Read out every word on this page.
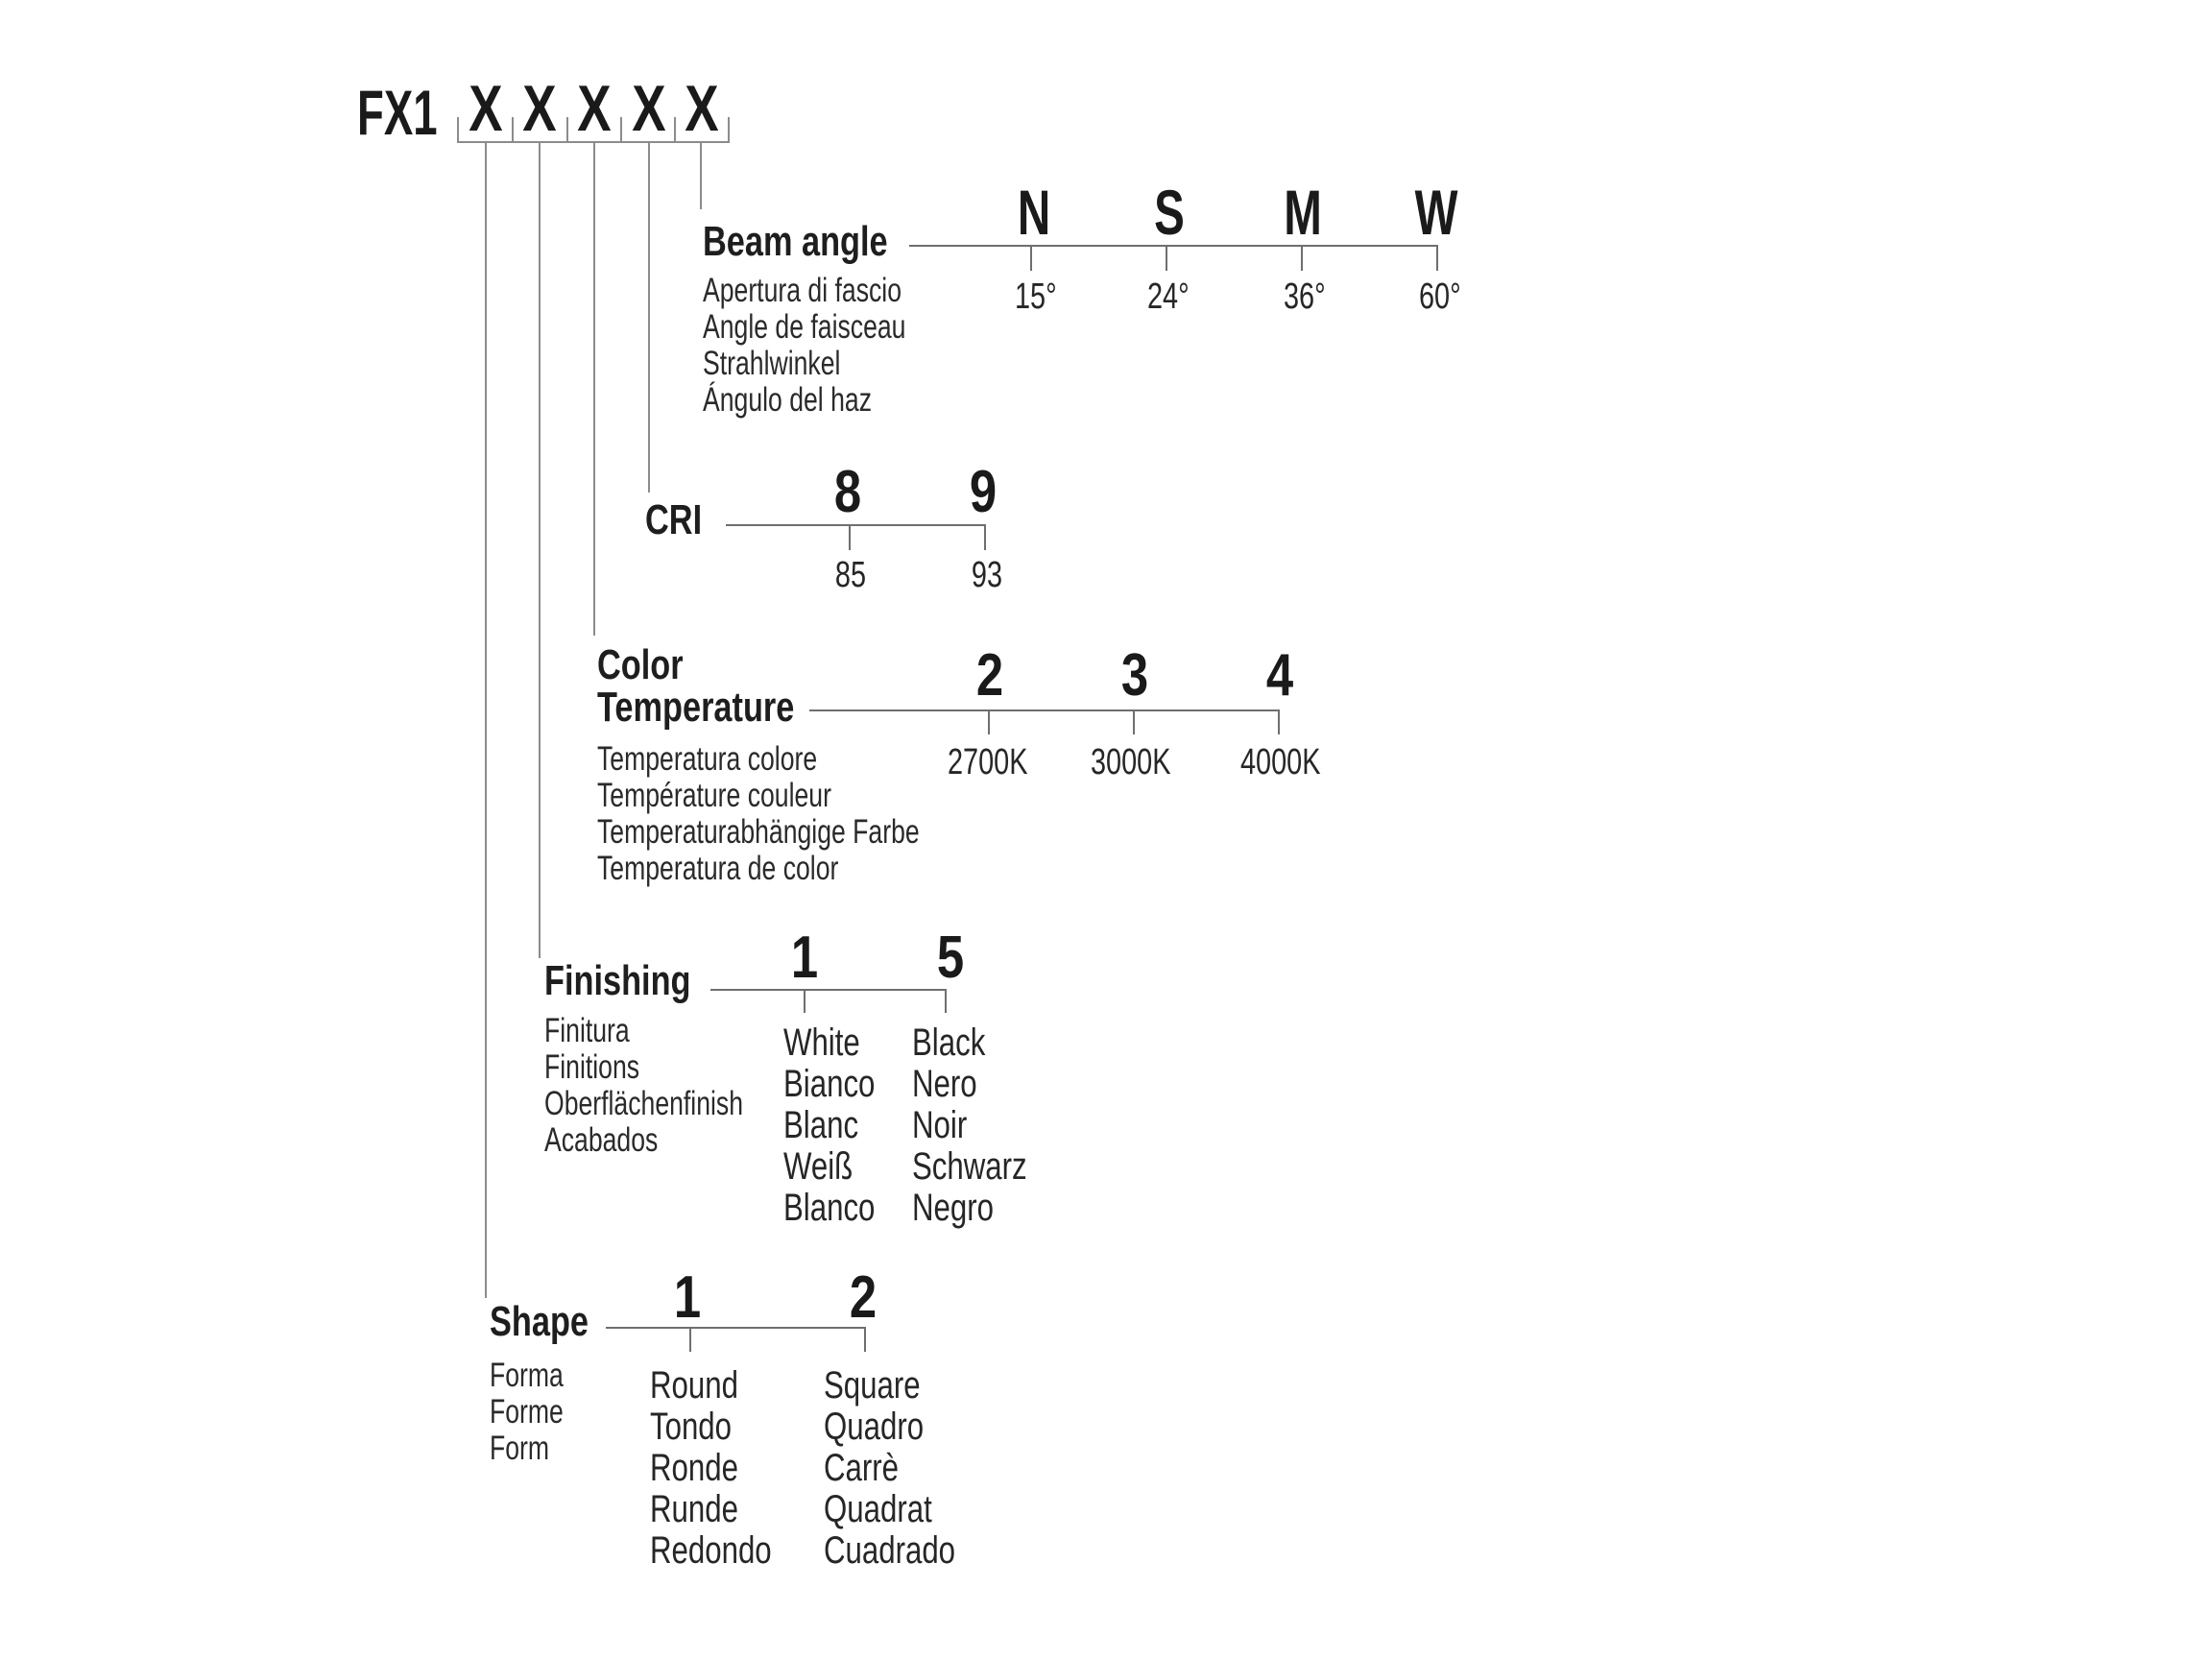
FX1 X X X X X
Beam angle
Apertura di fascio
Angle de faisceau
Strahlwinkel
Ángulo del haz
N S M W
15° 24°	36°	60°
CRI 8 9
85	93
Color
Temperature
Temperatura colore
Température couleur
Temperaturabhängige Farbe
Temperatura de color
2 3 4
2700K 3000K 4000K
Finishing
Finitura
Finitions
Oberflächenfinish
Acabados
1 5
White
Bianco
Blanc
Weiß
Blanco
Black
Nero
Noir
Schwarz
Negro
Shape
Forma
Forme
Form
1 2
Round
Tondo
Ronde
Runde
Redondo
Square
Quadro
Carrè
Quadrat
Cuadrado
